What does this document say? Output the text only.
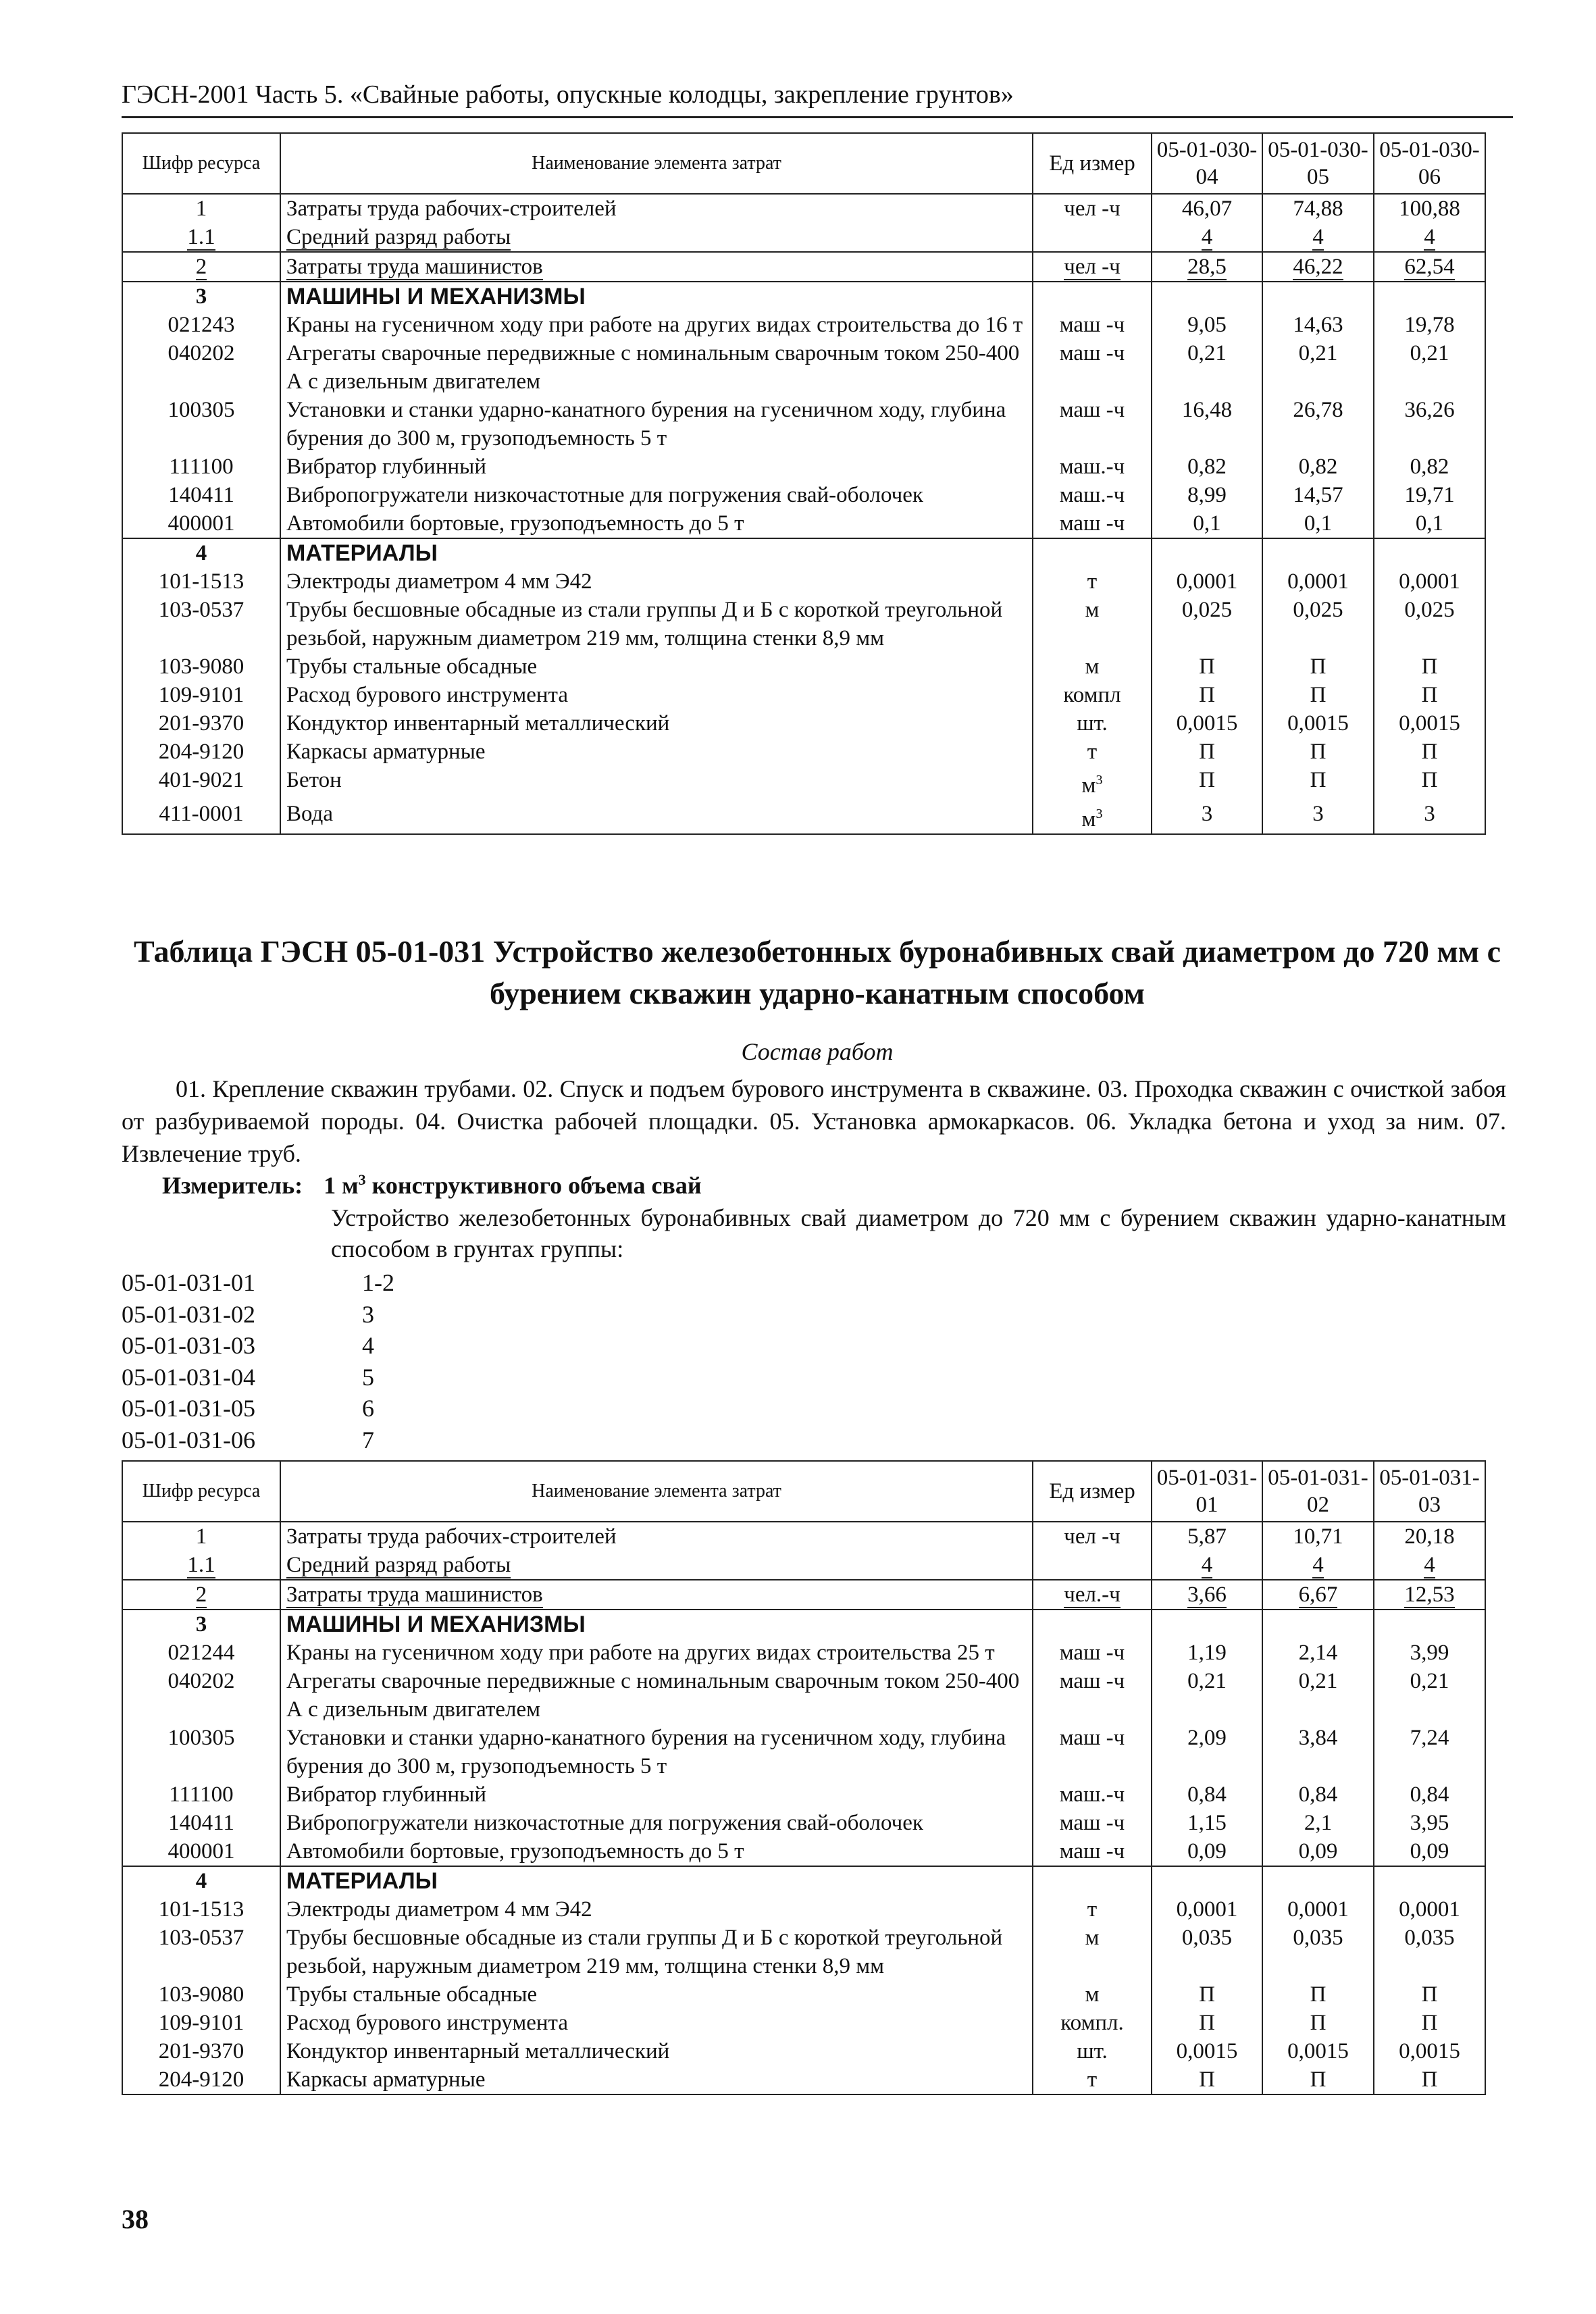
ГЭСН-2001 Часть 5. «Свайные работы, опускные колодцы, закрепление грунтов»
Шифр ресурса	Наименование элемента затрат	Ед измер	05-01-030-04	05-01-030-05	05-01-030-06
1	Затраты труда рабочих-строителей	чел -ч	46,07	74,88	100,88
1.1	Средний разряд работы		4	4	4
2	Затраты труда машинистов	чел -ч	28,5	46,22	62,54
3	МАШИНЫ И МЕХАНИЗМЫ				
021243	Краны на гусеничном ходу при работе на других видах строительства до 16 т	маш -ч	9,05	14,63	19,78
040202	Агрегаты сварочные передвижные с номинальным сварочным током 250-400 А с дизельным двигателем	маш -ч	0,21	0,21	0,21
100305	Установки и станки ударно-канатного бурения на гусеничном ходу, глубина бурения до 300 м, грузоподъемность 5 т	маш -ч	16,48	26,78	36,26
111100	Вибратор глубинный	маш.-ч	0,82	0,82	0,82
140411	Вибропогружатели низкочастотные для погружения свай-оболочек	маш.-ч	8,99	14,57	19,71
400001	Автомобили бортовые, грузоподъемность до 5 т	маш -ч	0,1	0,1	0,1
4	МАТЕРИАЛЫ				
101-1513	Электроды диаметром 4 мм Э42	т	0,0001	0,0001	0,0001
103-0537	Трубы бесшовные обсадные из стали группы Д и Б с короткой треугольной резьбой, наружным диаметром 219 мм, толщина стенки 8,9 мм	м	0,025	0,025	0,025
103-9080	Трубы стальные обсадные	м	П	П	П
109-9101	Расход бурового инструмента	компл	П	П	П
201-9370	Кондуктор инвентарный металлический	шт.	0,0015	0,0015	0,0015
204-9120	Каркасы арматурные	т	П	П	П
401-9021	Бетон	$м^3$	П	П	П
411-0001	Вода	$м^3$	3	3	3
Таблица ГЭСН 05-01-031 Устройство железобетонных буронабивных свай диаметром до 720 мм с бурением скважин ударно-канатным способом
Состав работ
01. Крепление скважин трубами. 02. Спуск и подъем бурового инструмента в скважине. 03. Проходка скважин с очисткой забоя от разбуриваемой породы. 04. Очистка рабочей площадки. 05. Установка армокаркасов. 06. Укладка бетона и уход за ним. 07. Извлечение труб.
Измеритель: 1 $м^3$ конструктивного объема свай
Устройство железобетонных буронабивных свай диаметром до 720 мм с бурением скважин ударно-канатным способом в грунтах группы:
05-01-031-01	1-2
05-01-031-02	3
05-01-031-03	4
05-01-031-04	5
05-01-031-05	6
05-01-031-06	7
Шифр ресурса	Наименование элемента затрат	Ед измер	05-01-031-01	05-01-031-02	05-01-031-03
1	Затраты труда рабочих-строителей	чел -ч	5,87	10,71	20,18
1.1	Средний разряд работы		4	4	4
2	Затраты труда машинистов	чел.-ч	3,66	6,67	12,53
3	МАШИНЫ И МЕХАНИЗМЫ				
021244	Краны на гусеничном ходу при работе на других видах строительства 25 т	маш -ч	1,19	2,14	3,99
040202	Агрегаты сварочные передвижные с номинальным сварочным током 250-400 А с дизельным двигателем	маш -ч	0,21	0,21	0,21
100305	Установки и станки ударно-канатного бурения на гусеничном ходу, глубина бурения до 300 м, грузоподъемность 5 т	маш -ч	2,09	3,84	7,24
111100	Вибратор глубинный	маш.-ч	0,84	0,84	0,84
140411	Вибропогружатели низкочастотные для погружения свай-оболочек	маш -ч	1,15	2,1	3,95
400001	Автомобили бортовые, грузоподъемность до 5 т	маш -ч	0,09	0,09	0,09
4	МАТЕРИАЛЫ				
101-1513	Электроды диаметром 4 мм Э42	т	0,0001	0,0001	0,0001
103-0537	Трубы бесшовные обсадные из стали группы Д и Б с короткой треугольной резьбой, наружным диаметром 219 мм, толщина стенки 8,9 мм	м	0,035	0,035	0,035
103-9080	Трубы стальные обсадные	м	П	П	П
109-9101	Расход бурового инструмента	компл.	П	П	П
201-9370	Кондуктор инвентарный металлический	шт.	0,0015	0,0015	0,0015
204-9120	Каркасы арматурные	т	П	П	П
38
